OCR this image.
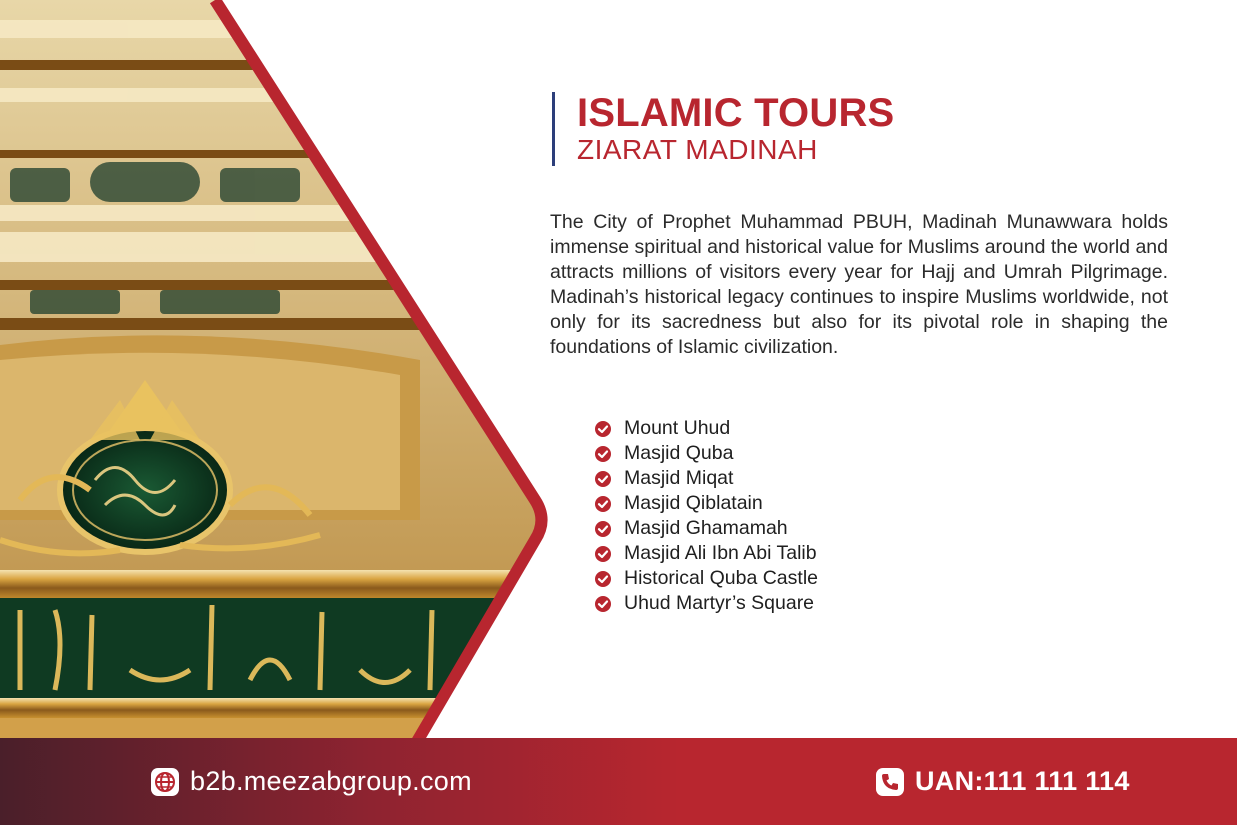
ISLAMIC TOURS
ZIARAT MADINAH

The City of Prophet Muhammad PBUH, Madinah Munawwara holds immense spiritual and historical value for Muslims around the world and attracts millions of visitors every year for Hajj and Umrah Pilgrimage. Madinah’s historical legacy continues to inspire Muslims worldwide, not only for its sacredness but also for its pivotal role in shaping the foundations of Islamic civilization.

Mount Uhud
Masjid Quba
Masjid Miqat
Masjid Qiblatain
Masjid Ghamamah
Masjid Ali Ibn Abi Talib
Historical Quba Castle
Uhud Martyr’s Square
b2b.meezabgroup.com	UAN:111 111 114
